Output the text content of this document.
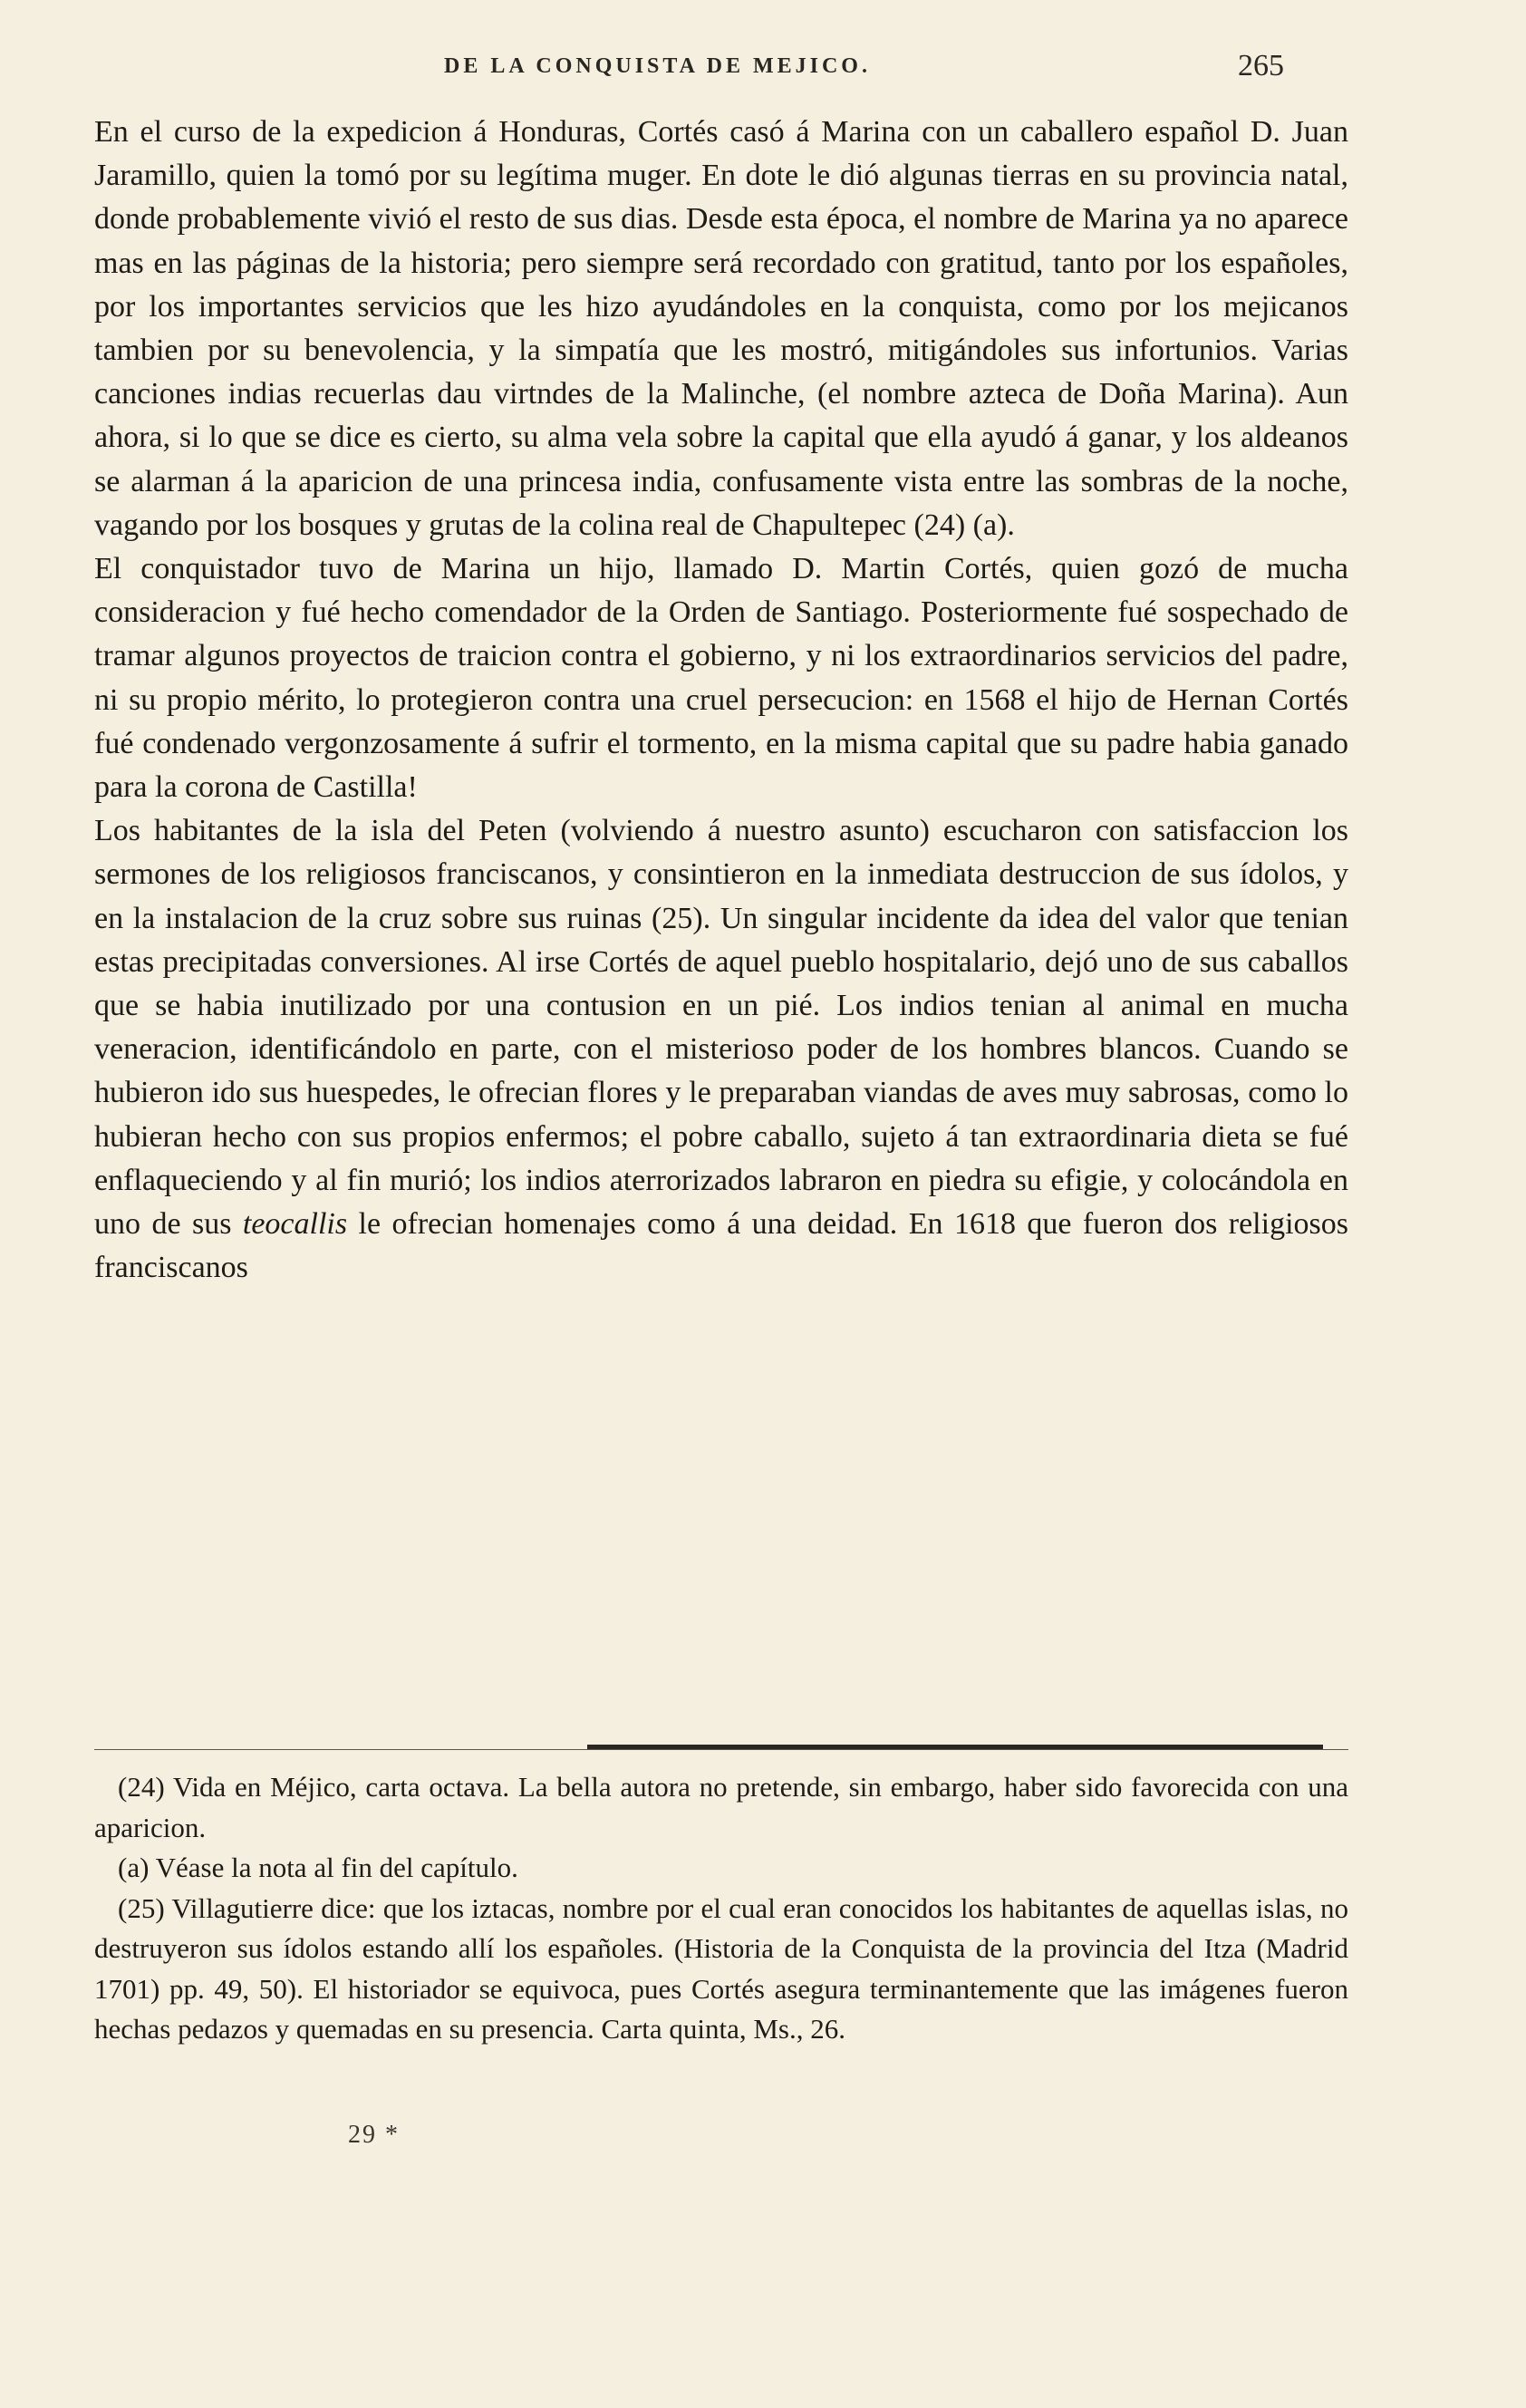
DE LA CONQUISTA DE MEJICO.	265

En el curso de la expedicion á Honduras, Cortés casó á Marina con un caballero español D. Juan Jaramillo, quien la tomó por su legítima muger. En dote le dió algunas tierras en su provincia natal, donde probablemente vivió el resto de sus dias. Desde esta época, el nombre de Marina ya no aparece mas en las páginas de la historia; pero siempre será recordado con gratitud, tanto por los españoles, por los importantes servicios que les hizo ayudándoles en la conquista, como por los mejicanos tambien por su benevolencia, y la simpatía que les mostró, mitigándoles sus infortunios. Varias canciones indias recuerlas dau virtndes de la Malinche, (el nombre azteca de Doña Marina). Aun ahora, si lo que se dice es cierto, su alma vela sobre la capital que ella ayudó á ganar, y los aldeanos se alarman á la aparicion de una princesa india, confusamente vista entre las sombras de la noche, vagando por los bosques y grutas de la colina real de Chapultepec (24) (a).

El conquistador tuvo de Marina un hijo, llamado D. Martin Cortés, quien gozó de mucha consideracion y fué hecho comendador de la Orden de Santiago. Posteriormente fué sospechado de tramar algunos proyectos de traicion contra el gobierno, y ni los extraordinarios servicios del padre, ni su propio mérito, lo protegieron contra una cruel persecucion: en 1568 el hijo de Hernan Cortés fué condenado vergonzosamente á sufrir el tormento, en la misma capital que su padre habia ganado para la corona de Castilla!

Los habitantes de la isla del Peten (volviendo á nuestro asunto) escucharon con satisfaccion los sermones de los religiosos franciscanos, y consintieron en la inmediata destruccion de sus ídolos, y en la instalacion de la cruz sobre sus ruinas (25). Un singular incidente da idea del valor que tenian estas precipitadas conversiones. Al irse Cortés de aquel pueblo hospitalario, dejó uno de sus caballos que se habia inutilizado por una contusion en un pié. Los indios tenian al animal en mucha veneracion, identificándolo en parte, con el misterioso poder de los hombres blancos. Cuando se hubieron ido sus huespedes, le ofrecian flores y le preparaban viandas de aves muy sabrosas, como lo hubieran hecho con sus propios enfermos; el pobre caballo, sujeto á tan extraordinaria dieta se fué enflaqueciendo y al fin murió; los indios aterrorizados labraron en piedra su efigie, y colocándola en uno de sus teocallis le ofrecian homenajes como á una deidad. En 1618 que fueron dos religiosos franciscanos

(24) Vida en Méjico, carta octava. La bella autora no pretende, sin embargo, haber sido favorecida con una aparicion.

(a) Véase la nota al fin del capítulo.

(25) Villagutierre dice: que los iztacas, nombre por el cual eran conocidos los habitantes de aquellas islas, no destruyeron sus ídolos estando allí los españoles. (Historia de la Conquista de la provincia del Itza (Madrid 1701) pp. 49, 50). El historiador se equivoca, pues Cortés asegura terminantemente que las imágenes fueron hechas pedazos y quemadas en su presencia. Carta quinta, Ms., 26.

29 *
